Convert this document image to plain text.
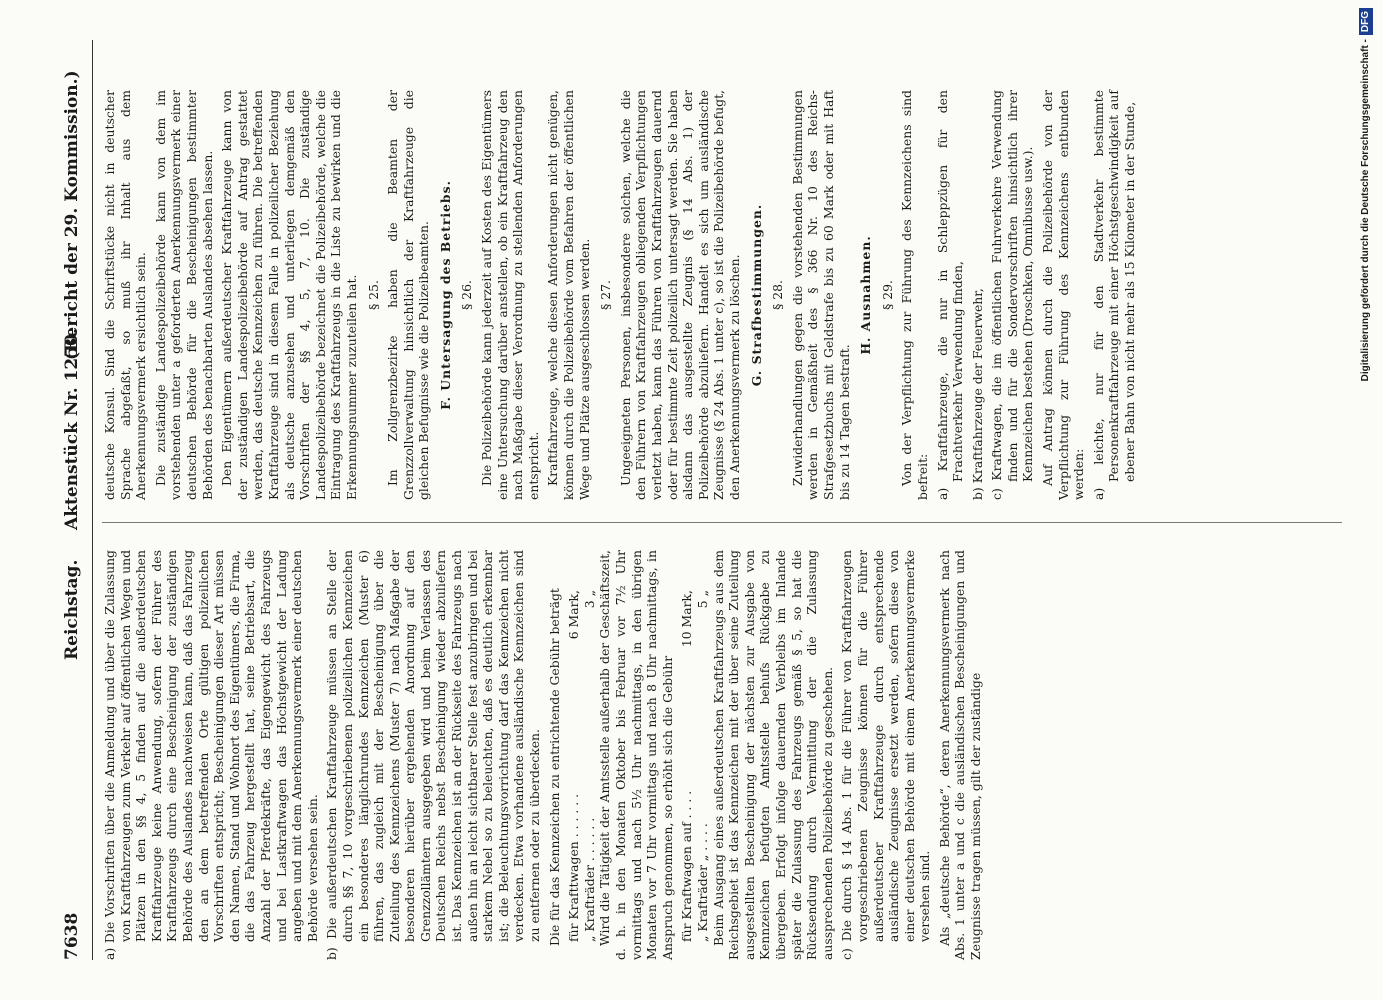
7638
Reichstag.
Aktenstück Nr. 1250.
(Bericht der 29. Kommission.)

a) Die Vorschriften über die Anmeldung und über die Zulassung von Kraftfahrzeugen zum Verkehr auf öffentlichen Wegen und Plätzen in den §§ 4, 5 finden auf die außerdeutschen Kraftfahrzeuge keine Anwendung, sofern der Führer des Kraftfahrzeugs durch eine Bescheinigung der zuständigen Behörde des Auslandes nachweisen kann, daß das Fahrzeug den an dem betreffenden Orte gültigen polizeilichen Vorschriften entspricht; Bescheinigungen dieser Art müssen den Namen, Stand und Wohnort des Eigentümers, die Firma, die das Fahrzeug hergestellt hat, seine Betriebsart, die Anzahl der Pferdekräfte, das Eigengewicht des Fahrzeugs und bei Lastkraftwagen das Höchstgewicht der Ladung angeben und mit dem Anerkennungsvermerk einer deutschen Behörde versehen sein. b) Die außerdeutschen Kraftfahrzeuge müssen an Stelle der durch §§ 7, 10 vorgeschriebenen polizeilichen Kennzeichen ein besonderes länglichrundes Kennzeichen (Muster 6) führen, das zugleich mit der Bescheinigung über die Zuteilung des Kennzeichens (Muster 7) nach Maßgabe der besonderen hierüber ergehenden Anordnung auf den Grenzzollämtern ausgegeben wird und beim Verlassen des Deutschen Reichs nebst Bescheinigung wieder abzuliefern ist. Das Kennzeichen ist an der Rückseite des Fahrzeugs nach außen hin an leicht sichtbarer Stelle fest anzubringen und bei starkem Nebel so zu beleuchten, daß es deutlich erkennbar ist; die Beleuchtungsvorrichtung darf das Kennzeichen nicht verdecken. Etwa vorhandene ausländische Kennzeichen sind zu entfernen oder zu überdecken. Die für das Kennzeichen zu entrichtende Gebühr beträgt für Krafttwagen . . . . . .
6 Mark,

„ Krafträder . . . . . .
3 „ Wird die Tätigkeit der Amtsstelle außerhalb der Geschäftszeit, d. h. in den Monaten Oktober bis Februar vor 7½ Uhr vormittags und nach 5½ Uhr nachmittags, in den übrigen Monaten vor 7 Uhr vormittags und nach 8 Uhr nachmittags, in Anspruch genommen, so erhöht sich die Gebühr für Kraftwagen auf . . . .
10 Mark,

„ Krafträder „ . . . .
5 „ Beim Ausgang eines außerdeutschen Kraftfahrzeugs aus dem Reichsgebiet ist das Kennzeichen mit der über seine Zuteilung ausgestellten Bescheinigung der nächsten zur Ausgabe von Kennzeichen befugten Amtsstelle behufs Rückgabe zu übergeben. Erfolgt infolge dauernden Verbleibs im Inlande später die Zulassung des Fahrzeugs gemäß § 5, so hat die Rücksendung durch Vermittlung der die Zulassung aussprechenden Polizeibehörde zu geschehen. c) Die durch § 14 Abs. 1 für die Führer von Kraftfahrzeugen vorgeschriebenen Zeugnisse können für die Führer außerdeutscher Kraftfahrzeuge durch entsprechende ausländische Zeugnisse ersetzt werden, sofern diese von einer deutschen Behörde mit einem Anerkennungsvermerke versehen sind. Als „deutsche Behörde“, deren Anerkennungsvermerk nach Abs. 1 unter a und c die ausländischen Bescheinigungen und Zeugnisse tragen müssen, gilt der zuständige

deutsche Konsul. Sind die Schriftstücke nicht in deutscher Sprache abgefaßt, so muß ihr Inhalt aus dem Anerkennungsvermerk ersichtlich sein. Die zuständige Landespolizeibehörde kann von dem im vorstehenden unter a geforderten Anerkennungsvermerk einer deutschen Behörde für die Bescheinigungen bestimmter Behörden des benachbarten Auslandes absehen lassen. Den Eigentümern außerdeutscher Kraftfahrzeuge kann von der zuständigen Landespolizeibehörde auf Antrag gestattet werden, das deutsche Kennzeichen zu führen. Die betreffenden Kraftfahrzeuge sind in diesem Falle in polizeilicher Beziehung als deutsche anzusehen und unterliegen demgemäß den Vorschriften der §§ 4, 5, 7, 10. Die zuständige Landespolizeibehörde bezeichnet die Polizeibehörde, welche die Eintragung des Kraftfahrzeugs in die Liste zu bewirken und die Erkennungsnummer zuzuteilen hat. § 25. Im Zollgrenzbezirke haben die Beamten der Grenzzollverwaltung hinsichtlich der Kraftfahrzeuge die gleichen Befugnisse wie die Polizeibeamten. F. Untersagung des Betriebs. § 26. Die Polizeibehörde kann jederzeit auf Kosten des Eigentümers eine Untersuchung darüber anstellen, ob ein Kraftfahrzeug den nach Maßgabe dieser Verordnung zu stellenden Anforderungen entspricht. Kraftfahrzeuge, welche diesen Anforderungen nicht genügen, können durch die Polizeibehörde vom Befahren der öffentlichen Wege und Plätze ausgeschlossen werden. § 27. Ungeeigneten Personen, insbesondere solchen, welche die den Führern von Kraftfahrzeugen obliegenden Verpflichtungen verletzt haben, kann das Führen von Kraftfahrzeugen dauernd oder für bestimmte Zeit polizeilich untersagt werden. Sie haben alsdann das ausgestellte Zeugnis (§ 14 Abs. 1) der Polizeibehörde abzuliefern. Handelt es sich um ausländische Zeugnisse (§ 24 Abs. 1 unter c), so ist die Polizeibehörde befugt, den Anerkennungsvermerk zu löschen. G. Strafbestimmungen. § 28. Zuwiderhandlungen gegen die vorstehenden Bestimmungen werden in Gemäßheit des § 366 Nr. 10 des Reichs-Strafgesetzbuchs mit Geldstrafe bis zu 60 Mark oder mit Haft bis zu 14 Tagen bestraft.

H. Ausnahmen. § 29. Von der Verpflichtung zur Führung des Kennzeichens sind befreit: a) Kraftfahrzeuge, die nur in Schleppzügen für den Frachtverkehr Verwendung finden, b) Kraftfahrzeuge der Feuerwehr, c) Kraftwagen, die im öffentlichen Fuhrverkehre Verwendung finden und für die Sondervorschriften hinsichtlich ihrer Kennzeichen bestehen (Droschken, Omnibusse usw.). Auf Antrag können durch die Polizeibehörde von der Verpflichtung zur Führung des Kennzeichens entbunden werden: a) leichte, nur für den Stadtverkehr bestimmte Personenkraftfahrzeuge mit einer Höchstgeschwindigkeit auf ebener Bahn von nicht mehr als 15 Kilometer in der Stunde,	Digitalisierung gefördert durch die Deutsche Forschungsgemeinschaft -DFG
